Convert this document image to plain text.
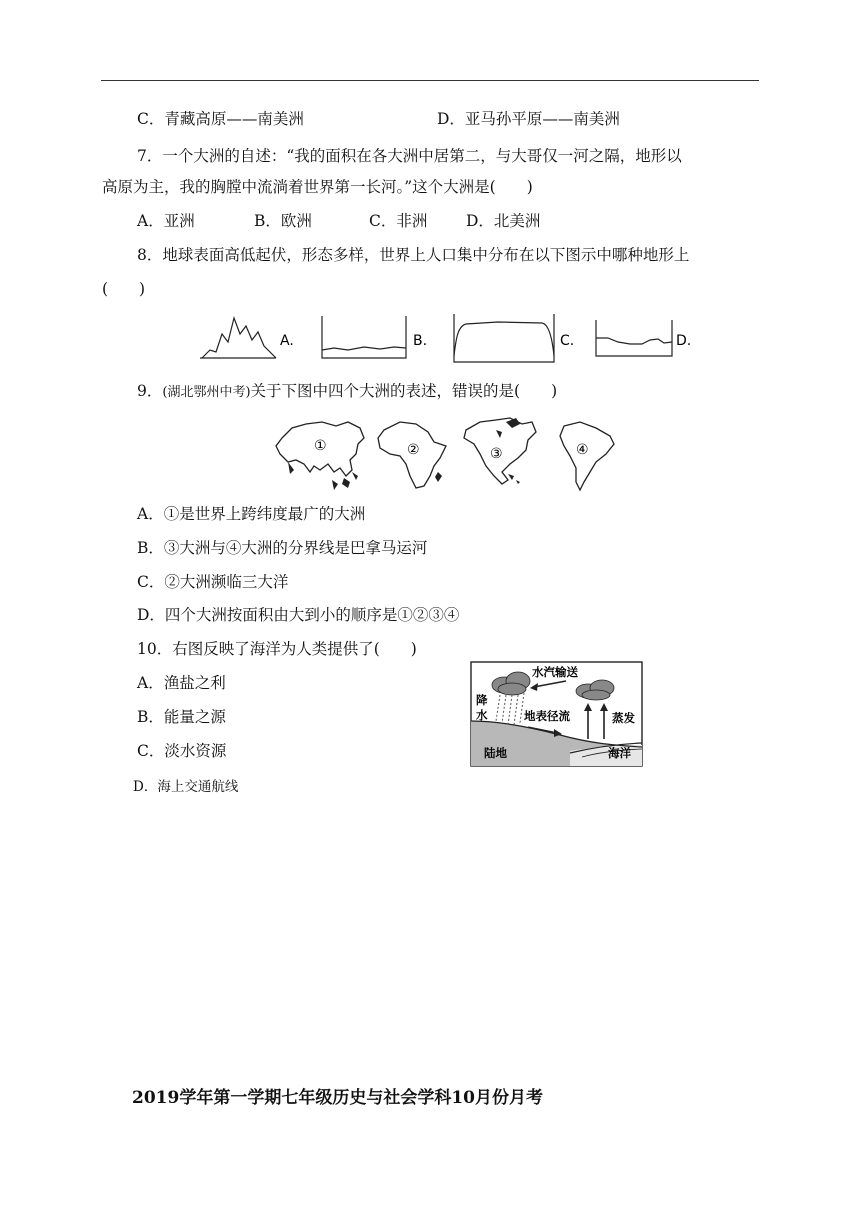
C．青藏高原——南美洲	D．亚马孙平原——南美洲
7．一个大洲的自述：“我的面积在各大洲中居第二，与大哥仅一河之隔，地形以
高原为主，我的胸膛中流淌着世界第一长河。”这个大洲是(　　)
A．亚洲	B．欧洲	C．非洲 D．北美洲
8．地球表面高低起伏，形态多样，世界上人口集中分布在以下图示中哪种地形上
(　　)
A.	B.	C.	D.
9．(湖北鄂州中考)关于下图中四个大洲的表述，错误的是(　　)
①	②	③	④
A．①是世界上跨纬度最广的大洲
B．③大洲与④大洲的分界线是巴拿马运河
C．②大洲濒临三大洋
D．四个大洲按面积由大到小的顺序是①②③④
10．右图反映了海洋为人类提供了(　　)
A．渔盐之利
B．能量之源
C．淡水资源
D．海上交通航线
水汽输送
降
水	地表径流	蒸发
陆地	海洋
2019学年第一学期七年级历史与社会学科10月份月考
